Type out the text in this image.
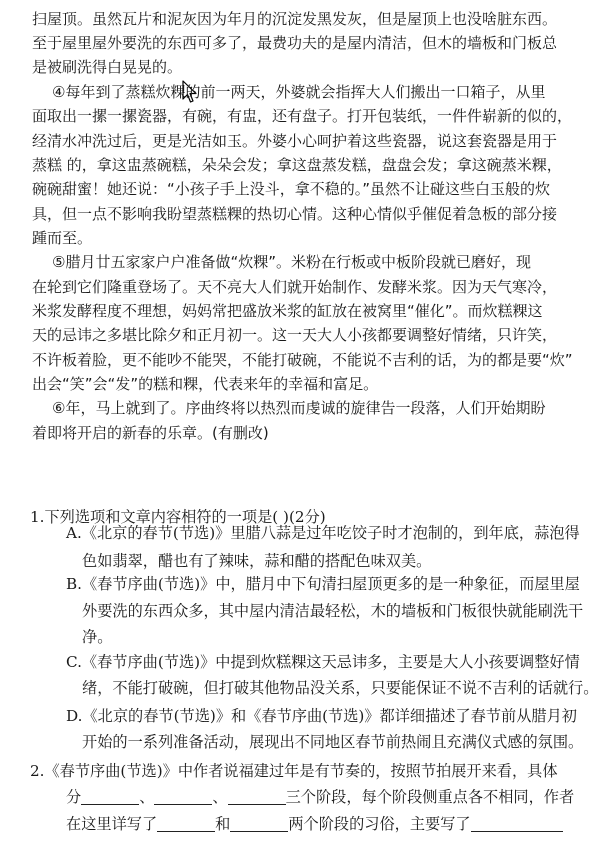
扫屋顶。虽然瓦片和泥灰因为年月的沉淀发黑发灰，但是屋顶上也没啥脏东西。
至于屋里屋外要洗的东西可多了，最费功夫的是屋内清洁，但木的墙板和门板总
是被刷洗得白晃晃的。
④每年到了蒸糕炊粿的前一两天，外婆就会指挥大人们搬出一口箱子，从里
面取出一摞一摞瓷器，有碗，有盅，还有盘子。打开包装纸，一件件崭新的似的，
经清水冲洗过后，更是光洁如玉。外婆小心呵护着这些瓷器，说这套瓷器是用于
蒸糕 的，拿这盅蒸碗糕，朵朵会发；拿这盘蒸发糕，盘盘会发；拿这碗蒸米粿，
碗碗甜蜜！她还说：“小孩子手上没斗，拿不稳的。”虽然不让碰这些白玉般的炊
具，但一点不影响我盼望蒸糕粿的热切心情。这种心情似乎催促着急板的部分接
踵而至。
⑤腊月廿五家家户户准备做“炊粿”。米粉在行板或中板阶段就已磨好，现
在轮到它们隆重登场了。天不亮大人们就开始制作、发酵米浆。因为天气寒冷，
米浆发酵程度不理想，妈妈常把盛放米浆的缸放在被窝里“催化”。而炊糕粿这
天的忌讳之多堪比除夕和正月初一。这一天大人小孩都要调整好情绪，只许笑，
不许板着脸，更不能吵不能哭，不能打破碗，不能说不吉利的话，为的都是要“炊”
出会“笑”会“发”的糕和粿，代表来年的幸福和富足。
⑥年，马上就到了。序曲终将以热烈而虔诚的旋律告一段落，人们开始期盼
着即将开启的新春的乐章。(有删改)
1.下列选项和文章内容相符的一项是( )(2分)
A.《北京的春节(节选)》里腊八蒜是过年吃饺子时才泡制的，到年底，蒜泡得
色如翡翠，醋也有了辣味，蒜和醋的搭配色味双美。
B.《春节序曲(节选)》中，腊月中下旬清扫屋顶更多的是一种象征，而屋里屋
外要洗的东西众多，其中屋内清洁最轻松，木的墙板和门板很快就能刷洗干
净。
C.《春节序曲(节选)》中提到炊糕粿这天忌讳多，主要是大人小孩要调整好情
绪，不能打破碗，但打破其他物品没关系，只要能保证不说不吉利的话就行。
D.《北京的春节(节选)》和《春节序曲(节选)》都详细描述了春节前从腊月初
开始的一系列准备活动，展现出不同地区春节前热闹且充满仪式感的氛围。
2.《春节序曲(节选)》中作者说福建过年是有节奏的，按照节拍展开来看，具体
分	、	、	三个阶段，每个阶段侧重点各不相同，作者
在这里详写了	和	两个阶段的习俗，主要写了
